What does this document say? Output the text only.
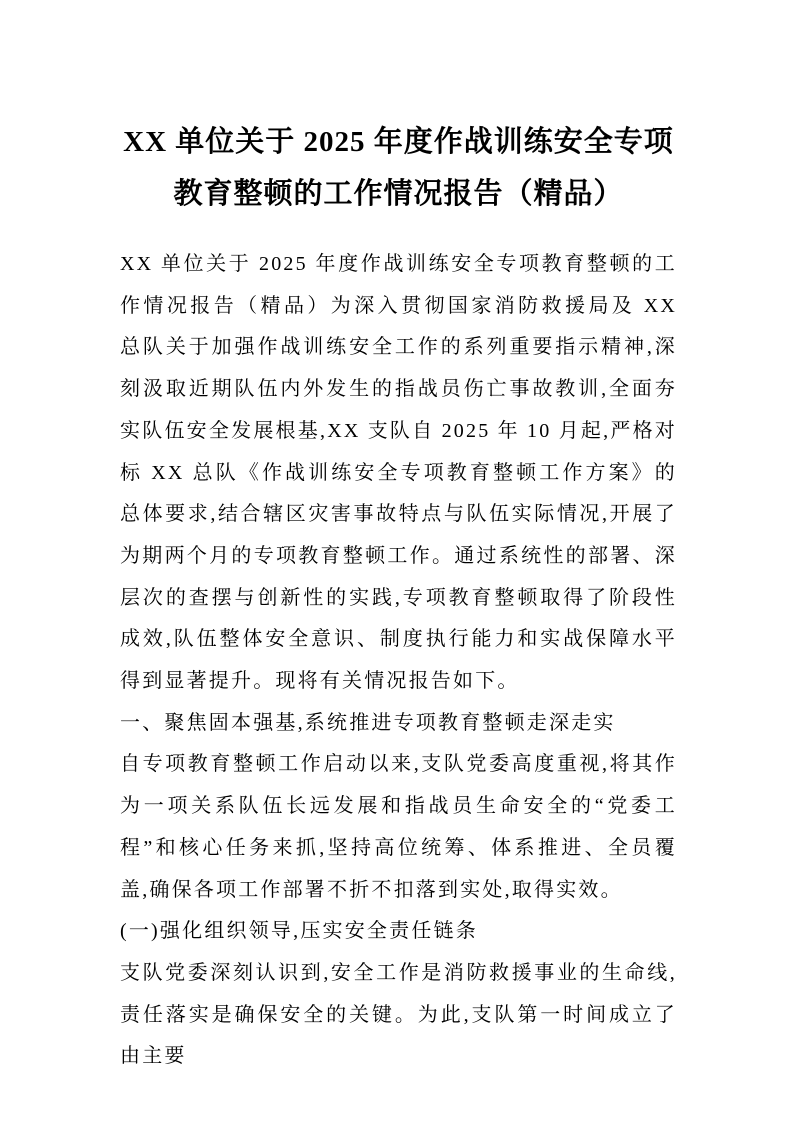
XX 单位关于 2025 年度作战训练安全专项教育整顿的工作情况报告（精品）

XX 单位关于 2025 年度作战训练安全专项教育整顿的工作情况报告（精品）为深入贯彻国家消防救援局及 XX 总队关于加强作战训练安全工作的系列重要指示精神,深刻汲取近期队伍内外发生的指战员伤亡事故教训,全面夯实队伍安全发展根基,XX 支队自 2025 年 10 月起,严格对标 XX 总队《作战训练安全专项教育整顿工作方案》的总体要求,结合辖区灾害事故特点与队伍实际情况,开展了为期两个月的专项教育整顿工作。通过系统性的部署、深层次的查摆与创新性的实践,专项教育整顿取得了阶段性成效,队伍整体安全意识、制度执行能力和实战保障水平得到显著提升。现将有关情况报告如下。

一、聚焦固本强基,系统推进专项教育整顿走深走实

自专项教育整顿工作启动以来,支队党委高度重视,将其作为一项关系队伍长远发展和指战员生命安全的“党委工程”和核心任务来抓,坚持高位统筹、体系推进、全员覆盖,确保各项工作部署不折不扣落到实处,取得实效。

(一)强化组织领导,压实安全责任链条

支队党委深刻认识到,安全工作是消防救援事业的生命线,责任落实是确保安全的关键。为此,支队第一时间成立了由主要
